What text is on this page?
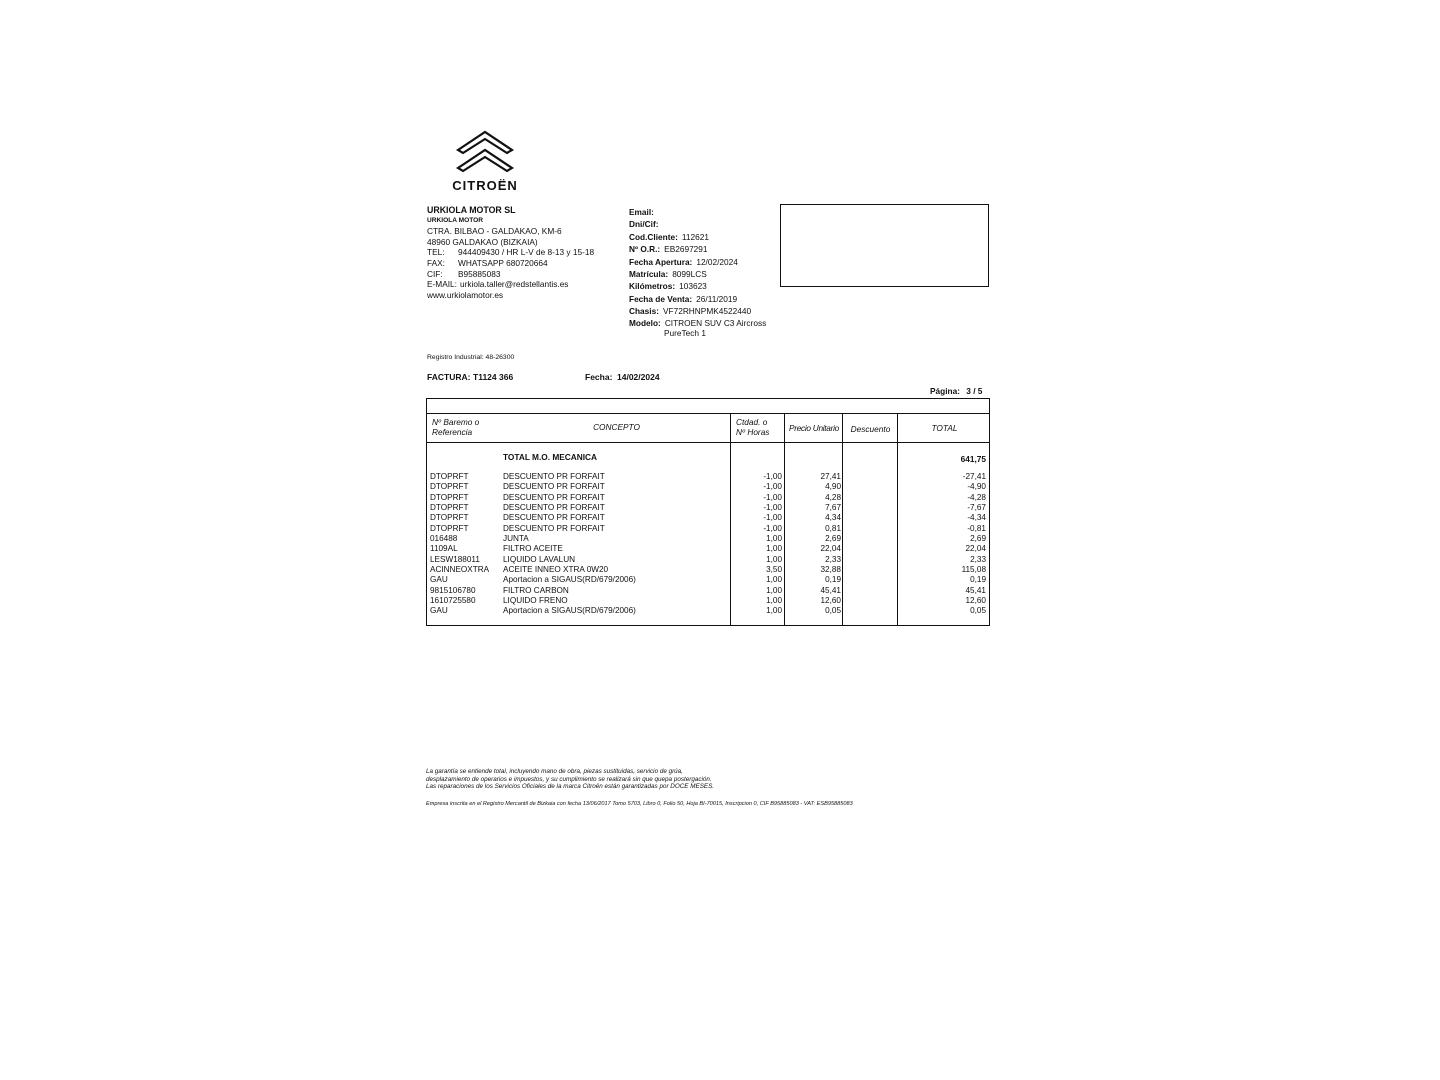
CITROËN
URKIOLA MOTOR SL
URKIOLA MOTOR
CTRA. BILBAO - GALDAKAO, KM-6
48960 GALDAKAO (BIZKAIA)
TEL:	944409430 / HR L-V de 8-13 y 15-18
FAX:	WHATSAPP 680720664
CIF:	B95885083
E-MAIL: urkiola.taller@redstellantis.es
www.urkiolamotor.es
Email:
Dni/Cif:
Cod.Cliente: 112621
Nº O.R.: EB2697291
Fecha Apertura: 12/02/2024
Matrícula: 8099LCS
Kilómetros: 103623
Fecha de Venta: 26/11/2019
Chasis: VF72RHNPMK4522440
Modelo: CITROEN SUV C3 Aircross
PureTech 1
Registro Industrial: 48-26300
FACTURA: T1124 366	Fecha: 14/02/2024
Página: 3 / 5
Nº Baremo o
Referencia	CONCEPTO	Ctdad. o
Nº Horas	Precio Unitario	Descuento	TOTAL
TOTAL M.O. MECANICA	641,75
DTOPRFT	DESCUENTO PR FORFAIT	-1,00	27,41	-27,41
DTOPRFT	DESCUENTO PR FORFAIT	-1,00	4,90	-4,90
DTOPRFT	DESCUENTO PR FORFAIT	-1,00	4,28	-4,28
DTOPRFT	DESCUENTO PR FORFAIT	-1,00	7,67	-7,67
DTOPRFT	DESCUENTO PR FORFAIT	-1,00	4,34	-4,34
DTOPRFT	DESCUENTO PR FORFAIT	-1,00	0,81	-0,81
016488	JUNTA	1,00	2,69	2,69
1109AL	FILTRO ACEITE	1,00	22,04	22,04
LESW188011	LIQUIDO LAVALUN	1,00	2,33	2,33
ACINNEOXTRA ACEITE INNEO XTRA 0W20	3,50	32,88	115,08
GAU	Aportacion a SIGAUS(RD/679/2006)	1,00	0,19	0,19
9815106780	FILTRO CARBON	1,00	45,41	45,41
1610725580	LIQUIDO FRENO	1,00	12,60	12,60
GAU	Aportacion a SIGAUS(RD/679/2006)	1,00	0,05	0,05
La garantía se entiende total, incluyendo mano de obra, piezas sustituidas, servicio de grúa,
desplazamiento de operarios e impuestos, y su cumplimiento se realizará sin que quepa postergación.
Las reparaciones de los Servicios Oficiales de la marca Citroën están garantizadas por DOCE MESES.
Empresa inscrita en el Registro Mercantil de Bizkaia con fecha 13/06/2017 Tomo 5703, Libro 0, Folio 50, Hoja BI-70015, Inscripcion 0, CIF B95885083 - VAT: ESB95885083
